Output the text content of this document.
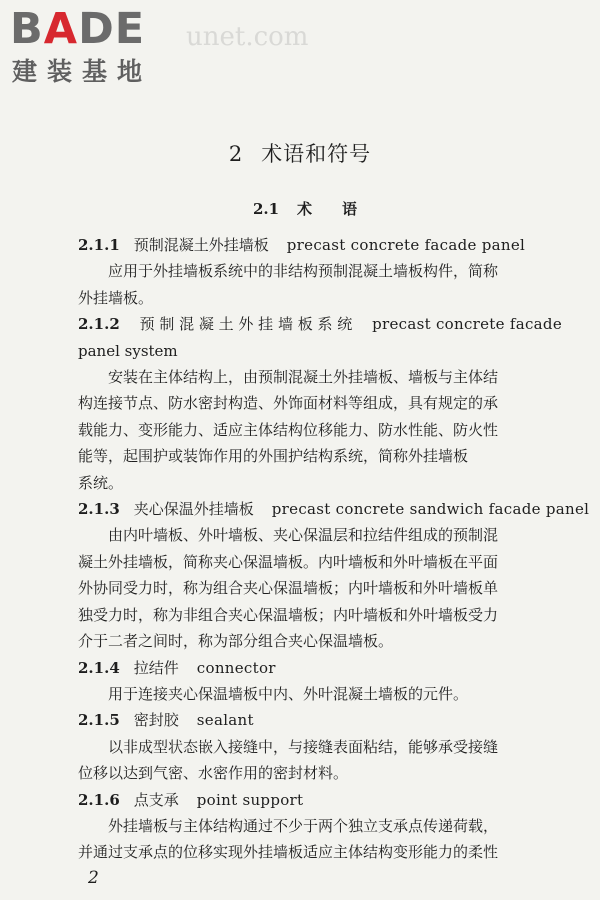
BADE
建装基地
unet.com
2 术语和符号
2.1 术语
2.1.1 预制混凝土外挂墙板 precast concrete facade panel
应用于外挂墙板系统中的非结构预制混凝土墙板构件，简称
外挂墙板。
2.1.2 预 制 混 凝 土 外 挂 墙 板 系 统 precast concrete facade
panel system
安装在主体结构上，由预制混凝土外挂墙板、墙板与主体结
构连接节点、防水密封构造、外饰面材料等组成，具有规定的承
载能力、变形能力、适应主体结构位移能力、防水性能、防火性
能等，起围护或装饰作用的外围护结构系统，简称外挂墙板
系统。
2.1.3 夹心保温外挂墙板 precast concrete sandwich facade panel
由内叶墙板、外叶墙板、夹心保温层和拉结件组成的预制混
凝土外挂墙板，简称夹心保温墙板。内叶墙板和外叶墙板在平面
外协同受力时，称为组合夹心保温墙板；内叶墙板和外叶墙板单
独受力时，称为非组合夹心保温墙板；内叶墙板和外叶墙板受力
介于二者之间时，称为部分组合夹心保温墙板。
2.1.4 拉结件 connector
用于连接夹心保温墙板中内、外叶混凝土墙板的元件。
2.1.5 密封胶 sealant
以非成型状态嵌入接缝中，与接缝表面粘结，能够承受接缝
位移以达到气密、水密作用的密封材料。
2.1.6 点支承 point support
外挂墙板与主体结构通过不少于两个独立支承点传递荷载，
并通过支承点的位移实现外挂墙板适应主体结构变形能力的柔性
2
